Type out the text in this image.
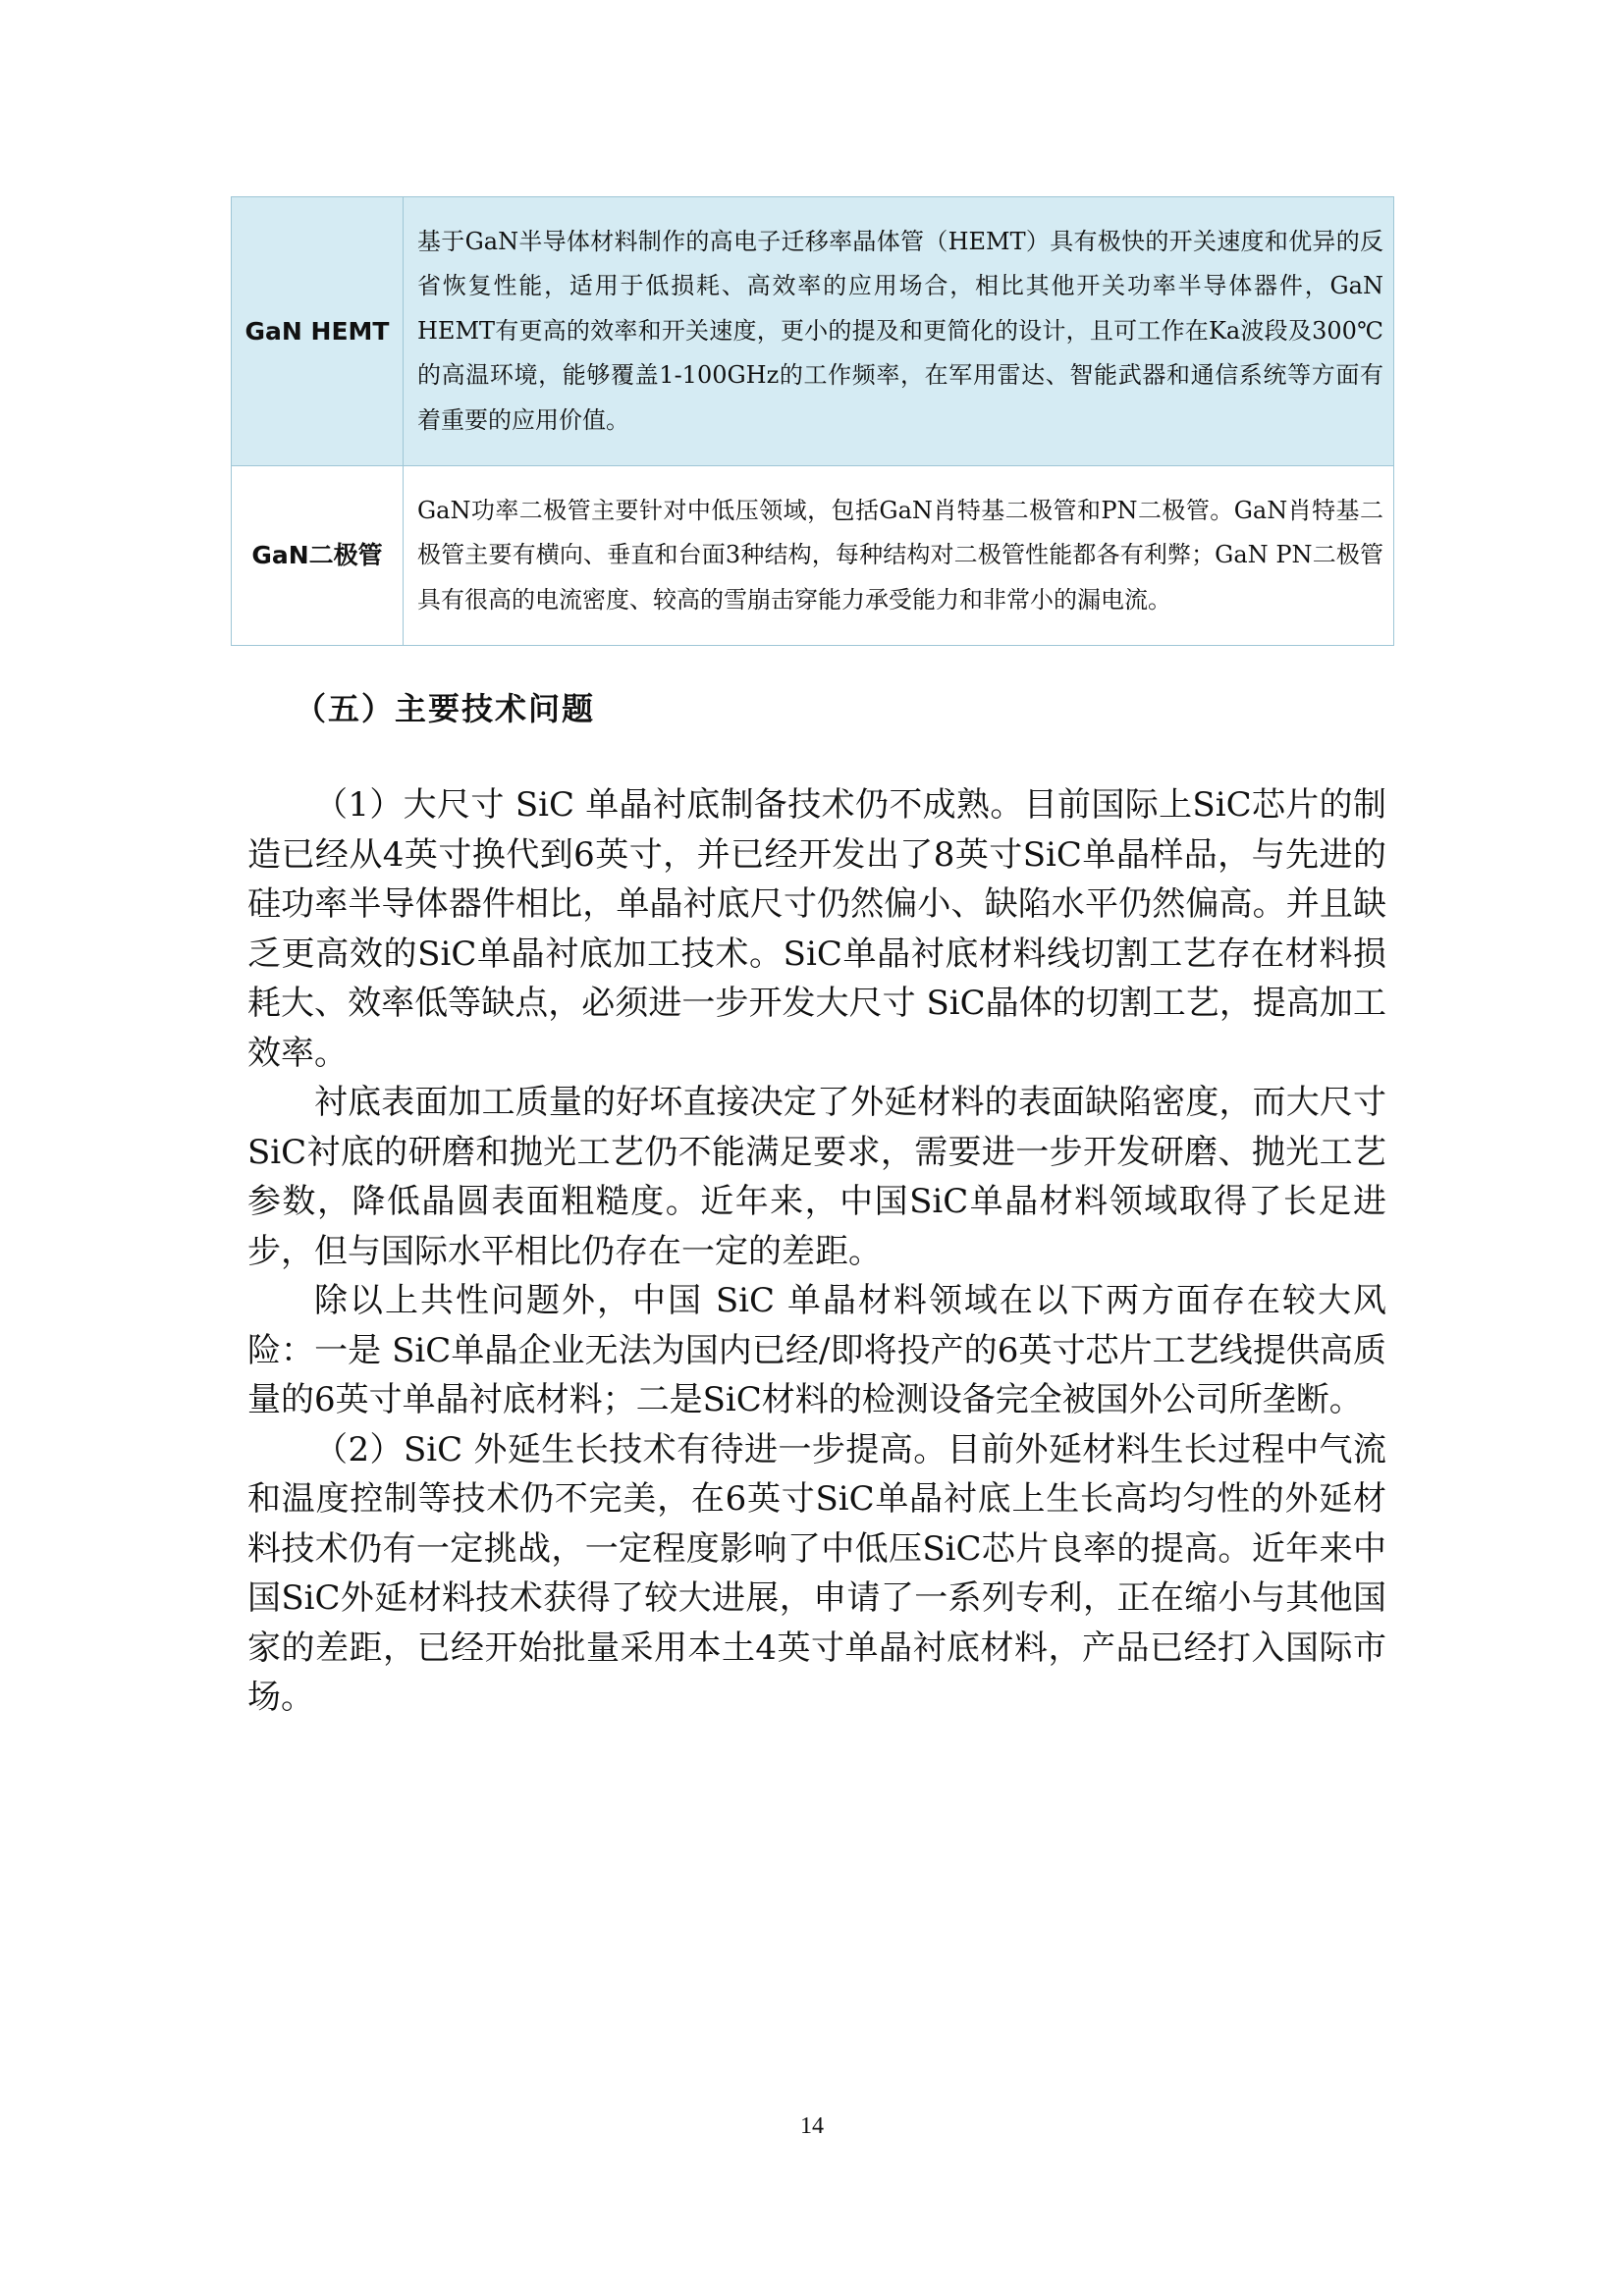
GaN HEMT	基于GaN半导体材料制作的高电子迁移率晶体管（HEMT）具有极快的开关速度和优异的反省恢复性能，适用于低损耗、高效率的应用场合，相比其他开关功率半导体器件，GaN HEMT有更高的效率和开关速度，更小的提及和更简化的设计，且可工作在Ka波段及300℃的高温环境，能够覆盖1-100GHz的工作频率，在军用雷达、智能武器和通信系统等方面有着重要的应用价值。
GaN二极管	GaN功率二极管主要针对中低压领域，包括GaN肖特基二极管和PN二极管。GaN肖特基二极管主要有横向、垂直和台面3种结构，每种结构对二极管性能都各有利弊；GaN PN二极管具有很高的电流密度、较高的雪崩击穿能力承受能力和非常小的漏电流。
（五）主要技术问题

（1）大尺寸 SiC 单晶衬底制备技术仍不成熟。目前国际上SiC芯片的制造已经从4英寸换代到6英寸，并已经开发出了8英寸SiC单晶样品，与先进的硅功率半导体器件相比，单晶衬底尺寸仍然偏小、缺陷水平仍然偏高。并且缺乏更高效的SiC单晶衬底加工技术。SiC单晶衬底材料线切割工艺存在材料损耗大、效率低等缺点，必须进一步开发大尺寸 SiC晶体的切割工艺，提高加工效率。

衬底表面加工质量的好坏直接决定了外延材料的表面缺陷密度，而大尺寸 SiC衬底的研磨和抛光工艺仍不能满足要求，需要进一步开发研磨、抛光工艺参数，降低晶圆表面粗糙度。近年来，中国SiC单晶材料领域取得了长足进步，但与国际水平相比仍存在一定的差距。

除以上共性问题外，中国 SiC 单晶材料领域在以下两方面存在较大风险：一是 SiC单晶企业无法为国内已经/即将投产的6英寸芯片工艺线提供高质量的6英寸单晶衬底材料；二是SiC材料的检测设备完全被国外公司所垄断。

（2）SiC 外延生长技术有待进一步提高。目前外延材料生长过程中气流和温度控制等技术仍不完美，在6英寸SiC单晶衬底上生长高均匀性的外延材料技术仍有一定挑战，一定程度影响了中低压SiC芯片良率的提高。近年来中国SiC外延材料技术获得了较大进展，申请了一系列专利，正在缩小与其他国家的差距，已经开始批量采用本土4英寸单晶衬底材料，产品已经打入国际市场。

14
